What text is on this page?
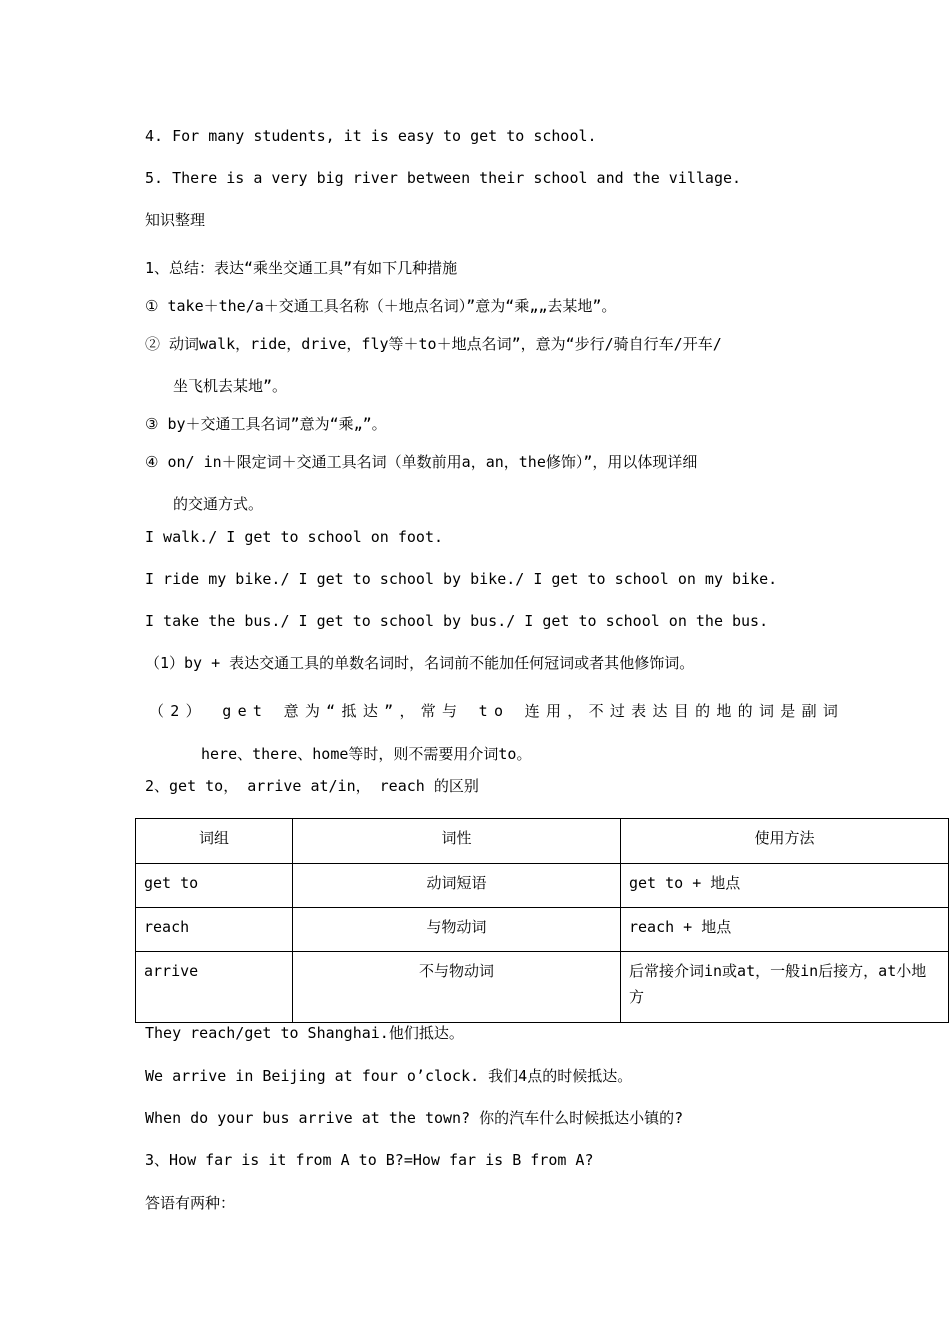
4. For many students, it is easy to get to school.
5. There is a very big river between their school and the village.
知识整理
1、总结：表达“乘坐交通工具”有如下几种措施
① take＋the/a＋交通工具名称（＋地点名词）”意为“乘„„去某地”。
② 动词walk，ride，drive，fly等＋to＋地点名词”，意为“步行/骑自行车/开车/
坐飞机去某地”。
③ by＋交通工具名词”意为“乘„”。
④ on/ in＋限定词＋交通工具名词（单数前用a，an，the修饰）”，用以体现详细
的交通方式。
I walk./ I get to school on foot.
I ride my bike./ I get to school by bike./ I get to school on my bike.
I take the bus./ I get to school by bus./ I get to school on the bus.
（1）by + 表达交通工具的单数名词时，名词前不能加任何冠词或者其他修饰词。
（2） get 意为“抵达”，常与 to 连用，不过表达目的地的词是副词
here、there、home等时，则不需要用介词to。
2、get to， arrive at/in， reach 的区别
词组	词性	使用方法
get to	动词短语	get to + 地点
reach	与物动词	reach + 地点
arrive	不与物动词	后常接介词in或at，一般in后接方，at小地方
They reach/get to Shanghai.他们抵达。
We arrive in Beijing at four o’clock. 我们4点的时候抵达。
When do your bus arrive at the town? 你的汽车什么时候抵达小镇的?
3、How far is it from A to B?=How far is B from A?
答语有两种：
